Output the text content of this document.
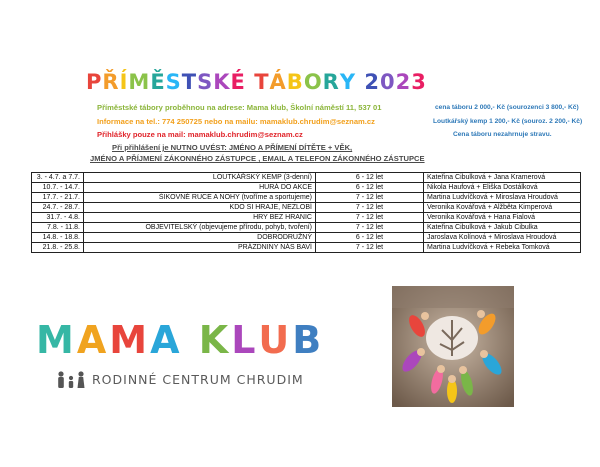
PŘÍMĚSTSKÉ TÁBORY 2023
Příměstské tábory proběhnou na adrese: Mama klub, Školní náměstí 11, 537 01
Informace na tel.: 774 250725 nebo na mailu: mamaklub.chrudim@seznam.cz
Přihlášky pouze na mail: mamaklub.chrudim@seznam.cz
Při přihlášení je NUTNO UVÉST: JMÉNO A PŘÍMENÍ DÍTĚTE + VĚK,
JMÉNO A PŘÍJMENÍ ZÁKONNÉHO ZÁSTUPCE , EMAIL A TELEFON ZÁKONNÉHO ZÁSTUPCE
cena táboru 2 000,- Kč (sourozenci 3 800,- Kč)
Loutkářský kemp 1 200,- Kč (souroz. 2 200,- Kč)
Cena táboru nezahrnuje stravu.
3. - 4.7. a 7.7.	LOUTKÁŘSKÝ KEMP (3-denní)	6 - 12 let	Kateřina Cibulková + Jana Kramerová
10.7. - 14.7.	HURÁ DO AKCE	6 - 12 let	Nikola Haufová + Eliška Dostálková
17.7. - 21.7.	ŠIKOVNÉ RUCE A NOHY (tvoříme a sportujeme)	7 - 12 let	Martina Ludvíčková + Miroslava Hroudová
24.7. - 28.7.	KDO SI HRAJE, NEZLOBÍ	7 - 12 let	Veronika Kovářová + Alžběta Kimperová
31.7. - 4.8.	HRY BEZ HRANIC	7 - 12 let	Veronika Kovářová + Hana Fialová
7.8. - 11.8.	OBJEVITELSKÝ (objevujeme přírodu, pohyb, tvoření)	7 - 12 let	Kateřina Cibulková + Jakub Cibulka
14.8. - 18.8.	DOBRODRUŽNÝ	6 - 12 let	Jaroslava Kolínová + Miroslava Hroudová
21.8. - 25.8.	PRÁZDNINY NÁS BAVÍ	7 - 12 let	Martina Ludvíčková + Rebeka Tomková
MAMA KLUB
RODINNÉ CENTRUM CHRUDIM
